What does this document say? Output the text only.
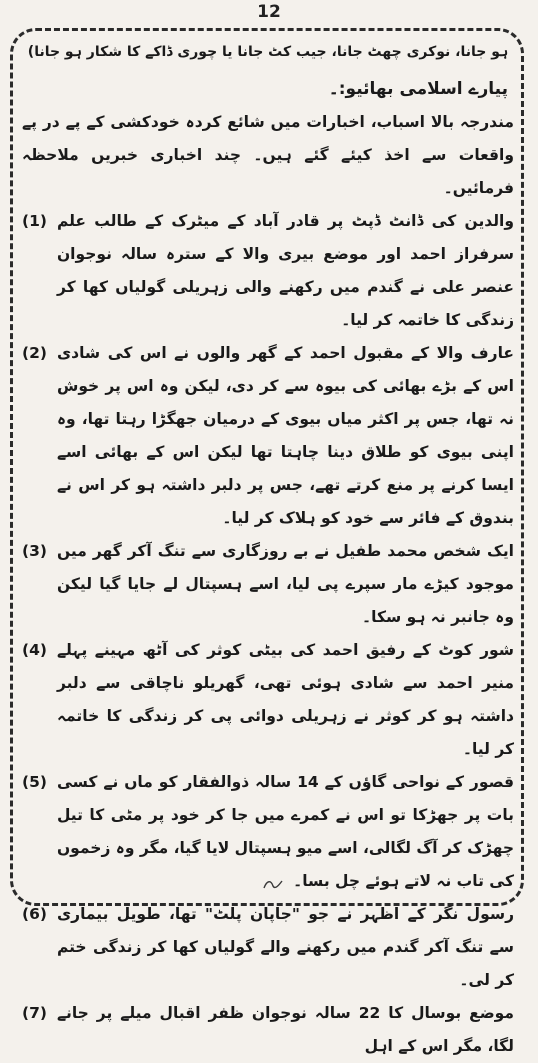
12

ہو جانا، نوکری چھٹ جانا، جیب کٹ جانا یا چوری ڈاکے کا شکار ہو جانا)

پیارے اسلامی بھائیو:۔

مندرجہ بالا اسباب، اخبارات میں شائع کردہ خودکشی کے پے در پے واقعات سے اخذ کیئے گئے ہیں۔ چند اخباری خبریں ملاحظہ فرمائیں۔

(1) والدین کی ڈانٹ ڈپٹ پر قادر آباد کے میٹرک کے طالب علم سرفراز احمد اور موضع بیری والا کے سترہ سالہ نوجوان عنصر علی نے گندم میں رکھنے والی زہریلی گولیاں کھا کر زندگی کا خاتمہ کر لیا۔

(2) عارف والا کے مقبول احمد کے گھر والوں نے اس کی شادی اس کے بڑے بھائی کی بیوہ سے کر دی، لیکن وہ اس پر خوش نہ تھا، جس پر اکثر میاں بیوی کے درمیان جھگڑا رہتا تھا، وہ اپنی بیوی کو طلاق دینا چاہتا تھا لیکن اس کے بھائی اسے ایسا کرنے پر منع کرتے تھے، جس پر دلبر داشتہ ہو کر اس نے بندوق کے فائر سے خود کو ہلاک کر لیا۔

(3) ایک شخص محمد طفیل نے بے روزگاری سے تنگ آکر گھر میں موجود کیڑے مار سپرے پی لیا، اسے ہسپتال لے جایا گیا لیکن وہ جانبر نہ ہو سکا۔

(4) شور کوٹ کے رفیق احمد کی بیٹی کوثر کی آٹھ مہینے پہلے منیر احمد سے شادی ہوئی تھی، گھریلو ناچاقی سے دلبر داشتہ ہو کر کوثر نے زہریلی دوائی پی کر زندگی کا خاتمہ کر لیا۔

(5) قصور کے نواحی گاؤں کے 14 سالہ ذوالفقار کو ماں نے کسی بات پر جھڑکا تو اس نے کمرے میں جا کر خود پر مٹی کا تیل چھڑک کر آگ لگالی، اسے میو ہسپتال لایا گیا، مگر وہ زخموں کی تاب نہ لاتے ہوئے چل بسا۔

(6) رسول نگر کے اظہر نے جو "جاپان پلٹ" تھا، طویل بیماری سے تنگ آکر گندم میں رکھنے والے گولیاں کھا کر زندگی ختم کر لی۔

(7) موضع بوسال کا 22 سالہ نوجوان ظفر اقبال میلے پر جانے لگا، مگر اس کے اہل
